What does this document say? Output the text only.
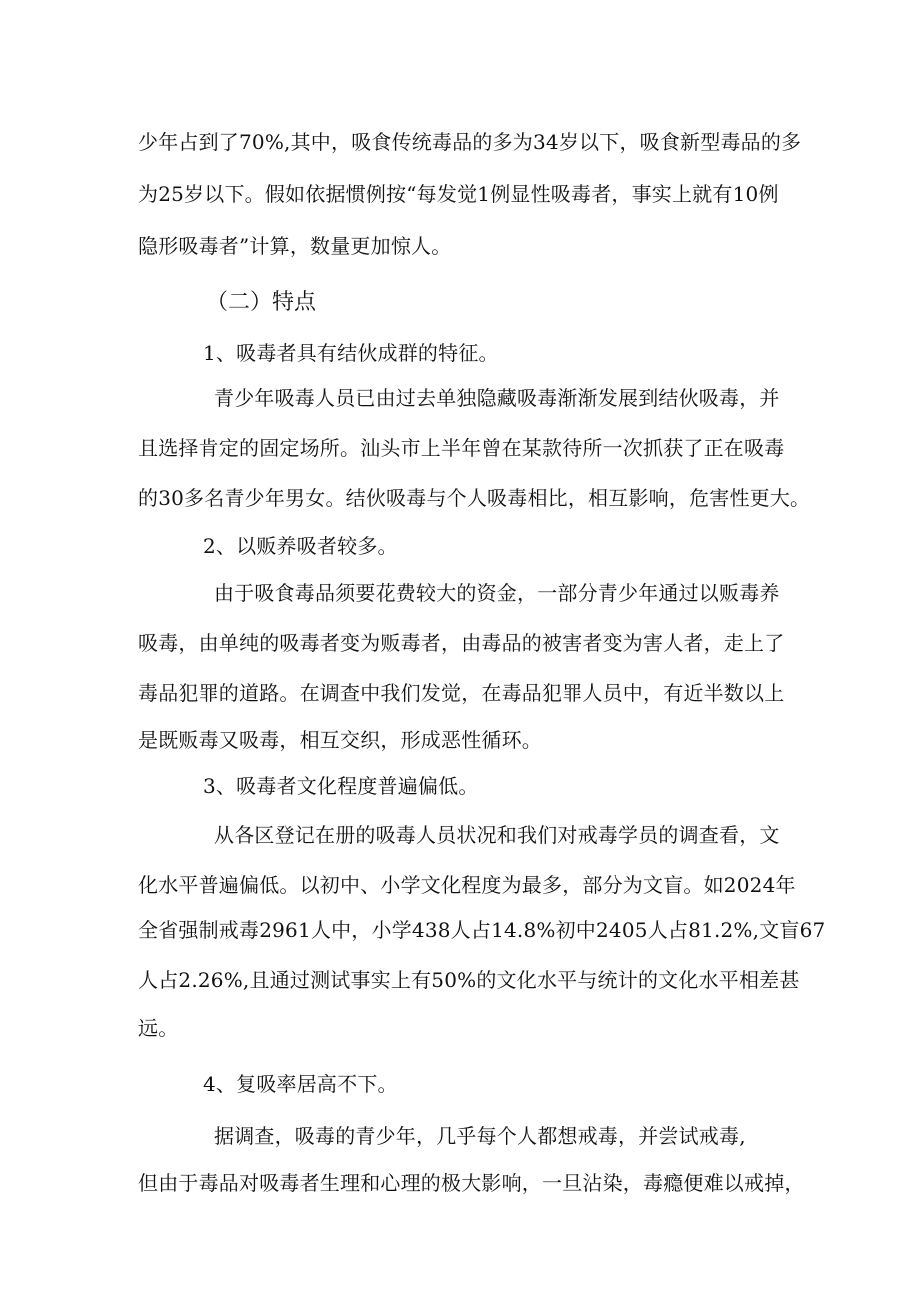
少年占到了70%,其中，吸食传统毒品的多为34岁以下，吸食新型毒品的多
为25岁以下。假如依据惯例按“每发觉1例显性吸毒者，事实上就有10例
隐形吸毒者”计算，数量更加惊人。
（二）特点
1、吸毒者具有结伙成群的特征。
青少年吸毒人员已由过去单独隐藏吸毒渐渐发展到结伙吸毒，并
且选择肯定的固定场所。汕头市上半年曾在某款待所一次抓获了正在吸毒
的30多名青少年男女。结伙吸毒与个人吸毒相比，相互影响，危害性更大。
2、以贩养吸者较多。
由于吸食毒品须要花费较大的资金，一部分青少年通过以贩毒养
吸毒，由单纯的吸毒者变为贩毒者，由毒品的被害者变为害人者，走上了
毒品犯罪的道路。在调查中我们发觉，在毒品犯罪人员中，有近半数以上
是既贩毒又吸毒，相互交织，形成恶性循环。
3、吸毒者文化程度普遍偏低。
从各区登记在册的吸毒人员状况和我们对戒毒学员的调查看，文
化水平普遍偏低。以初中、小学文化程度为最多，部分为文盲。如2024年
全省强制戒毒2961人中，小学438人占14.8%初中2405人占81.2%,文盲67
人占2.26%,且通过测试事实上有50%的文化水平与统计的文化水平相差甚
远。
4、复吸率居高不下。
据调查，吸毒的青少年，几乎每个人都想戒毒，并尝试戒毒,
但由于毒品对吸毒者生理和心理的极大影响，一旦沾染，毒瘾便难以戒掉，
